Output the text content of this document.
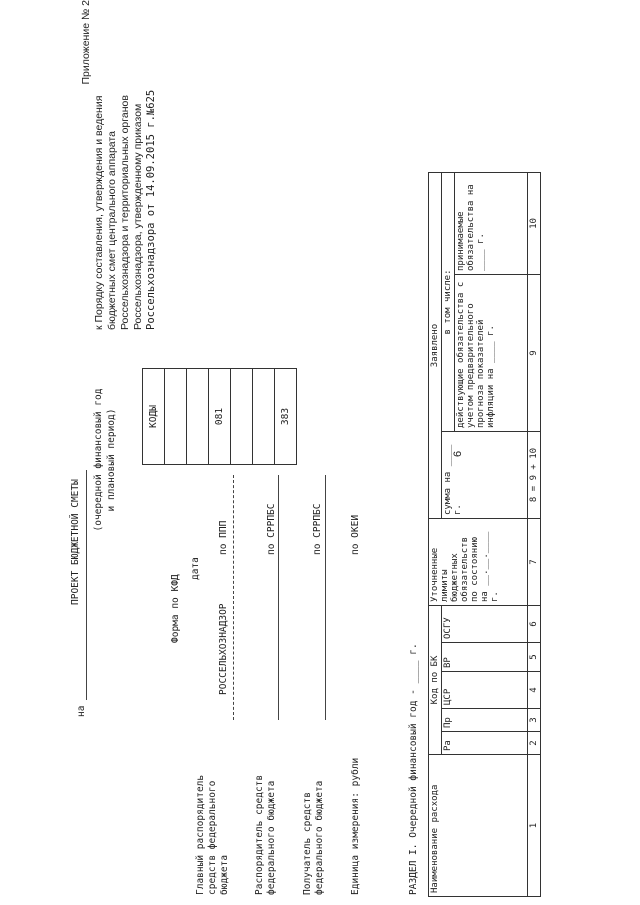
6
Приложение № 2
к Порядку составления, утверждения и ведения бюджетных смет центрального аппарата Россельхознадзора и территориальных органов Россельхознадзора, утвержденному приказом Россельхознадзора от 14.09.2015 г.№625
на
ПРОЕКТ БЮДЖЕТНОЙ СМЕТЫ
(очередной финансовый год и плановый период)
Форма по КФД
дата
Главный распорядитель средств федерального бюджета
РОССЕЛЬХОЗНАДЗОР
по ППП
Распорядитель средств федерального бюджета
по СРРПБС
Получатель средств федерального бюджета
по СРРПБС
Единица измерения: рубли
по ОКЕИ
КОДЫ	081	383
РАЗДЕЛ I. Очередной финансовый год - ____ г. Наименование расхода	Код по БК					Уточненные лимиты бюджетных обязательств по состоянию на __.__.____ г.	Заявлено		
	Ра	Пр	ЦСР	ВР	ОСГУ		сумма на ____ г.	в том числе:	
								действующие обязательства с учетом предварительного прогноза показателей инфляции на ____ г.	принимаемые обязательства на ____ г.
1	2	3	4	5	6	7	8 = 9 + 10	9	10
